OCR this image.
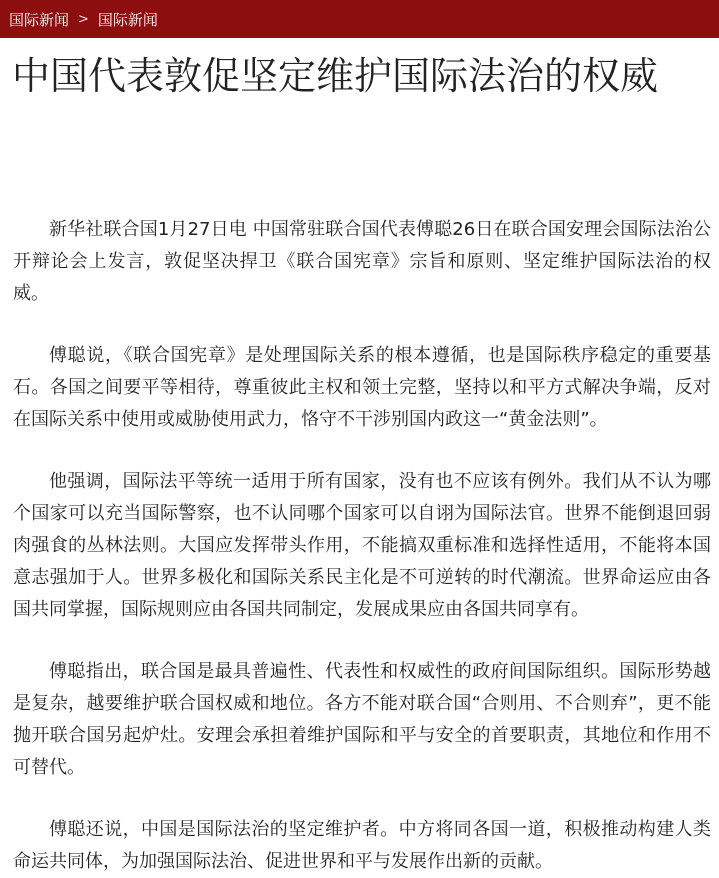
国际新闻 > 国际新闻
中国代表敦促坚定维护国际法治的权威

新华社联合国1月27日电 中国常驻联合国代表傅聪26日在联合国安理会国际法治公开辩论会上发言，敦促坚决捍卫《联合国宪章》宗旨和原则、坚定维护国际法治的权威。

傅聪说，《联合国宪章》是处理国际关系的根本遵循，也是国际秩序稳定的重要基石。各国之间要平等相待，尊重彼此主权和领土完整，坚持以和平方式解决争端，反对在国际关系中使用或威胁使用武力，恪守不干涉别国内政这一“黄金法则”。

他强调，国际法平等统一适用于所有国家，没有也不应该有例外。我们从不认为哪个国家可以充当国际警察，也不认同哪个国家可以自诩为国际法官。世界不能倒退回弱肉强食的丛林法则。大国应发挥带头作用，不能搞双重标准和选择性适用，不能将本国意志强加于人。世界多极化和国际关系民主化是不可逆转的时代潮流。世界命运应由各国共同掌握，国际规则应由各国共同制定，发展成果应由各国共同享有。

傅聪指出，联合国是最具普遍性、代表性和权威性的政府间国际组织。国际形势越是复杂，越要维护联合国权威和地位。各方不能对联合国“合则用、不合则弃”，更不能抛开联合国另起炉灶。安理会承担着维护国际和平与安全的首要职责，其地位和作用不可替代。

傅聪还说，中国是国际法治的坚定维护者。中方将同各国一道，积极推动构建人类命运共同体，为加强国际法治、促进世界和平与发展作出新的贡献。
